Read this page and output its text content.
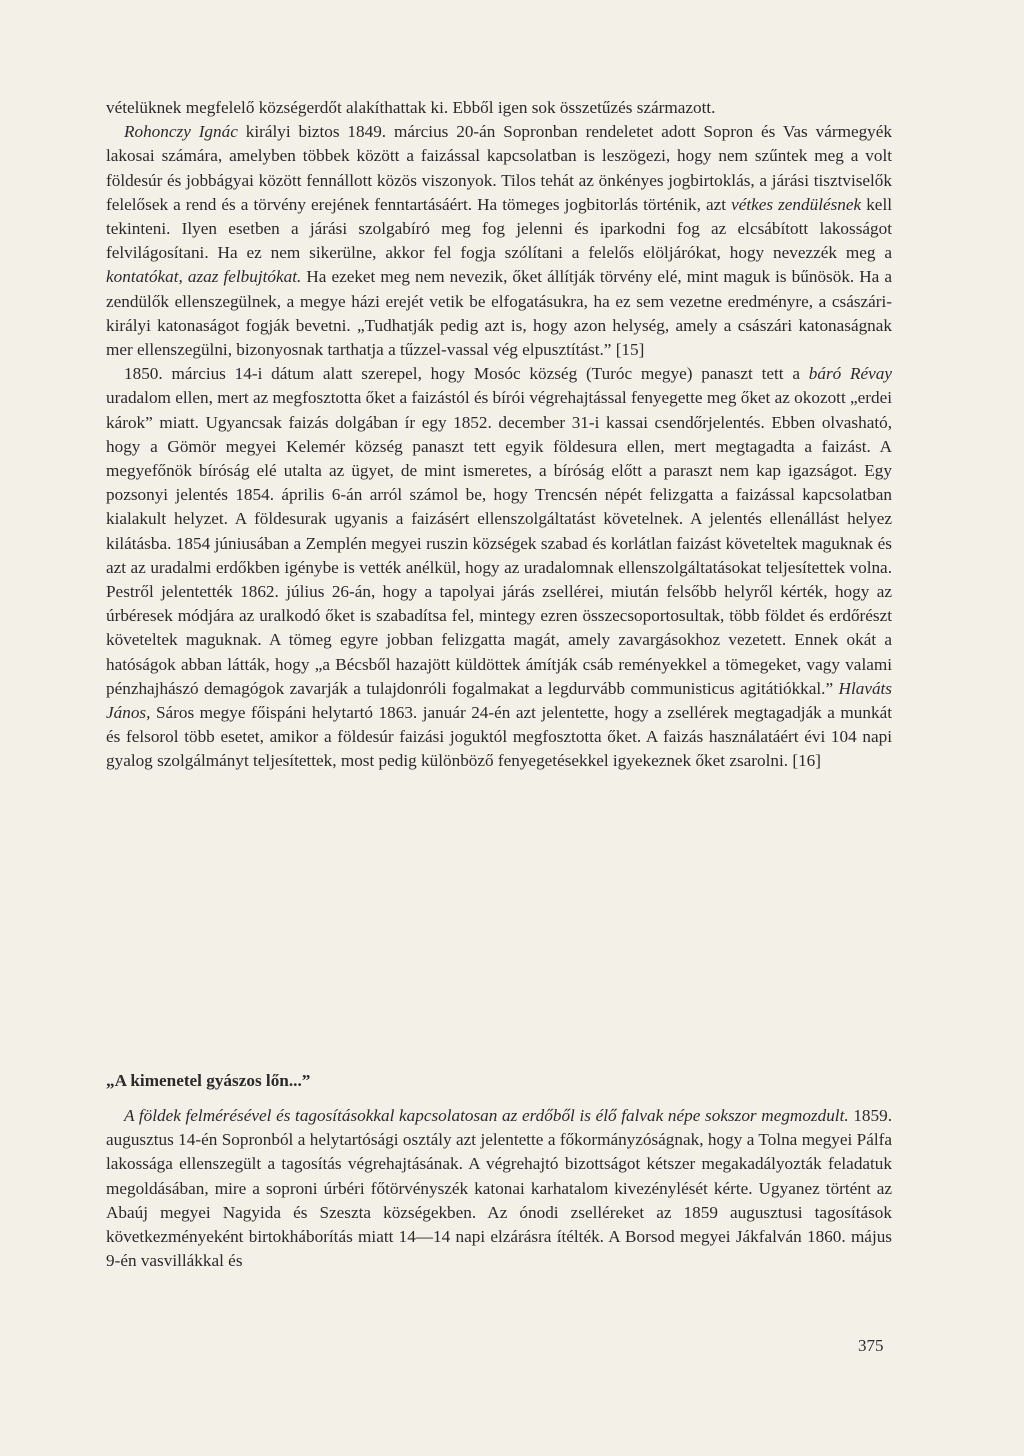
vételüknek megfelelő községerdőt alakíthattak ki. Ebből igen sok összetűzés származott.

Rohonczy Ignác királyi biztos 1849. március 20-án Sopronban rendeletet adott Sopron és Vas vármegyék lakosai számára, amelyben többek között a faizással kapcsolatban is leszögezi, hogy nem szűntek meg a volt földesúr és jobbágyai között fennállott közös viszonyok. Tilos tehát az önkényes jogbirtoklás, a járási tisztviselők felelősek a rend és a törvény erejének fenntartásáért. Ha tömeges jogbitorlás történik, azt vétkes zendülésnek kell tekinteni. Ilyen esetben a járási szolgabíró meg fog jelenni és iparkodni fog az elcsábított lakosságot felvilágosítani. Ha ez nem sikerülne, akkor fel fogja szólítani a felelős elöljárókat, hogy nevezzék meg a kontatókat, azaz felbujtókat. Ha ezeket meg nem nevezik, őket állítják törvény elé, mint maguk is bűnösök. Ha a zendülők ellenszegülnek, a megye házi erejét vetik be elfogatásukra, ha ez sem vezetne eredményre, a császári-királyi katonaságot fogják bevetni. „Tudhatják pedig azt is, hogy azon helység, amely a császári katonaságnak mer ellenszegülni, bizonyosnak tarthatja a tűzzel-vassal vég elpusztítást.” [15]

1850. március 14-i dátum alatt szerepel, hogy Mosóc község (Turóc megye) panaszt tett a báró Révay uradalom ellen, mert az megfosztotta őket a faizástól és bírói végrehajtással fenyegette meg őket az okozott „erdei károk” miatt. Ugyancsak faizás dolgában ír egy 1852. december 31-i kassai csendőrjelentés. Ebben olvasható, hogy a Gömör megyei Kelemér község panaszt tett egyik földesura ellen, mert megtagadta a faizást. A megyefőnök bíróság elé utalta az ügyet, de mint ismeretes, a bíróság előtt a paraszt nem kap igazságot. Egy pozsonyi jelentés 1854. április 6-án arról számol be, hogy Trencsén népét felizgatta a faizással kapcsolatban kialakult helyzet. A földesurak ugyanis a faizásért ellenszolgáltatást követelnek. A jelentés ellenállást helyez kilátásba. 1854 júniusában a Zemplén megyei ruszin községek szabad és korlátlan faizást követeltek maguknak és azt az uradalmi erdőkben igénybe is vették anélkül, hogy az uradalomnak ellenszolgáltatásokat teljesítettek volna. Pestről jelentették 1862. július 26-án, hogy a tapolyai járás zsellérei, miután felsőbb helyről kérték, hogy az úrbéresek módjára az uralkodó őket is szabadítsa fel, mintegy ezren összecsoportosultak, több földet és erdőrészt követeltek maguknak. A tömeg egyre jobban felizgatta magát, amely zavargásokhoz vezetett. Ennek okát a hatóságok abban látták, hogy „a Bécsből hazajött küldöttek ámítják csáb reményekkel a tömegeket, vagy valami pénzhajhászó demagógok zavarják a tulajdonróli fogalmakat a legdurvább communisticus agitátiókkal.” Hlaváts János, Sáros megye főispáni helytartó 1863. január 24-én azt jelentette, hogy a zsellérek megtagadják a munkát és felsorol több esetet, amikor a földesúr faizási joguktól megfosztotta őket. A faizás használatáért évi 104 napi gyalog szolgálmányt teljesítettek, most pedig különböző fenyegetésekkel igyekeznek őket zsarolni. [16]

„A kimenetel gyászos lőn...”

A földek felmérésével és tagosításokkal kapcsolatosan az erdőből is élő falvak népe sokszor megmozdult. 1859. augusztus 14-én Sopronból a helytartósági osztály azt jelentette a főkormányzóságnak, hogy a Tolna megyei Pálfa lakossága ellenszegült a tagosítás végrehajtásának. A végrehajtó bizottságot kétszer megakadályozták feladatuk megoldásában, mire a soproni úrbéri főtörvényszék katonai karhatalom kivezénylését kérte. Ugyanez történt az Abaúj megyei Nagyida és Szeszta községekben. Az ónodi zselléreket az 1859 augusztusi tagosítások következményeként birtokháborítás miatt 14—14 napi elzárásra ítélték. A Borsod megyei Jákfalván 1860. május 9-én vasvillákkal és

375
